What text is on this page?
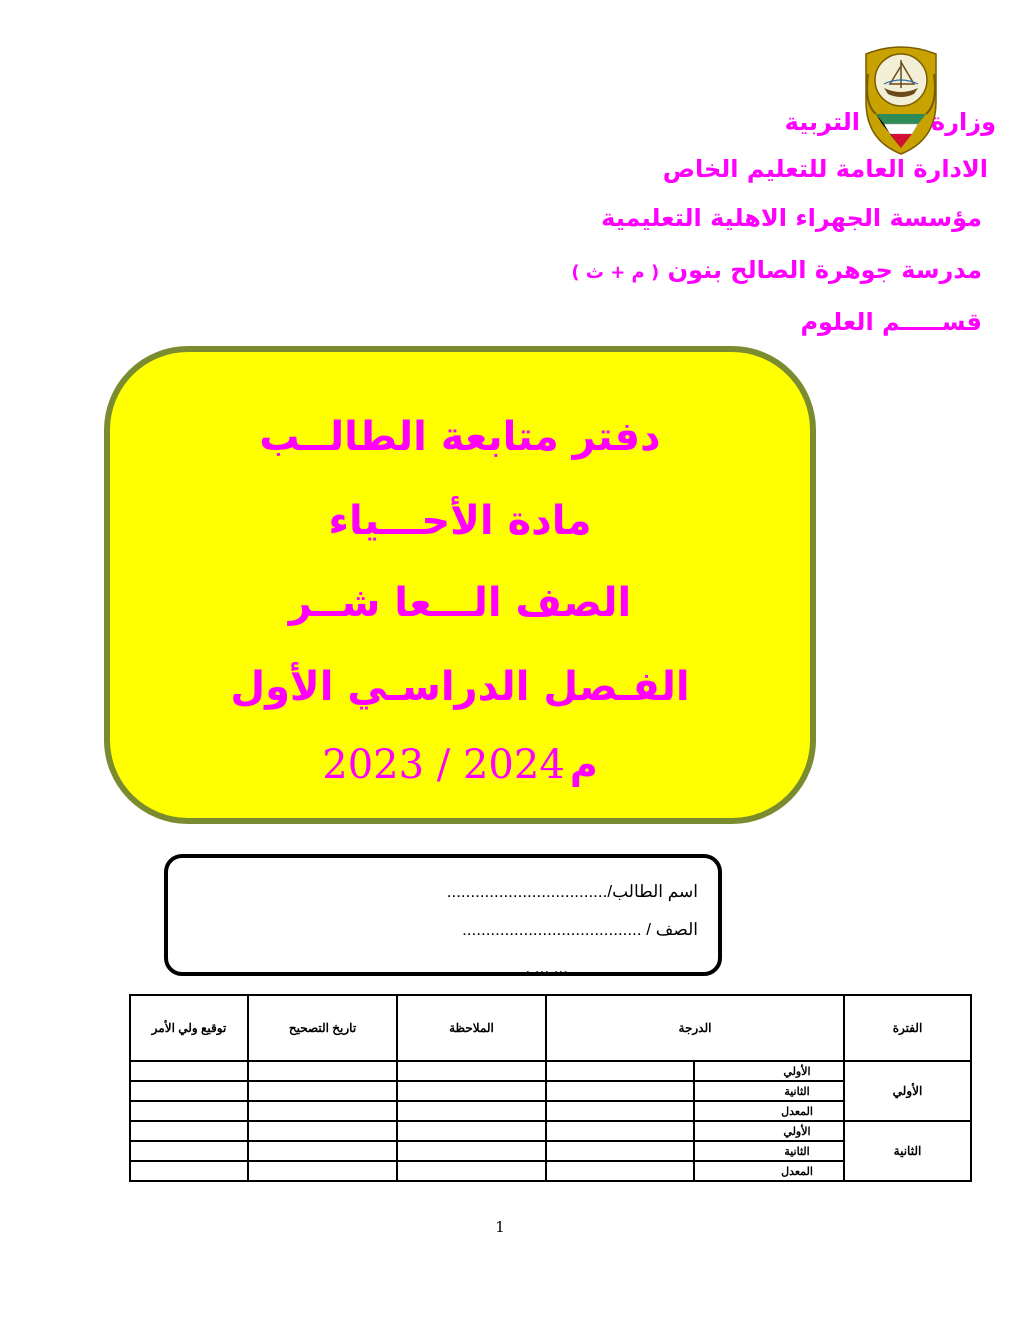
وزارة
التربية
الادارة العامة للتعليم الخاص
مؤسسة الجهراء الاهلية التعليمية
مدرسة جوهرة الصالح بنون ( م + ث )
قســـــم العلوم
دفتر متابعة الطالــب
مادة الأحـــياء
الصف الـــعا شــر
الفـصل الدراسـي الأول
م 2023 / 2024
اسم الطالب/..................................
الصف / ......................................
... ... .
الفترة	الدرجة		الملاحظة	تاريخ التصحيح	توقيع ولي الأمر
الأولي	الأولي				
	الثانية				
	المعدل				
الثانية	الأولي				
	الثانية				
	المعدل				
1
